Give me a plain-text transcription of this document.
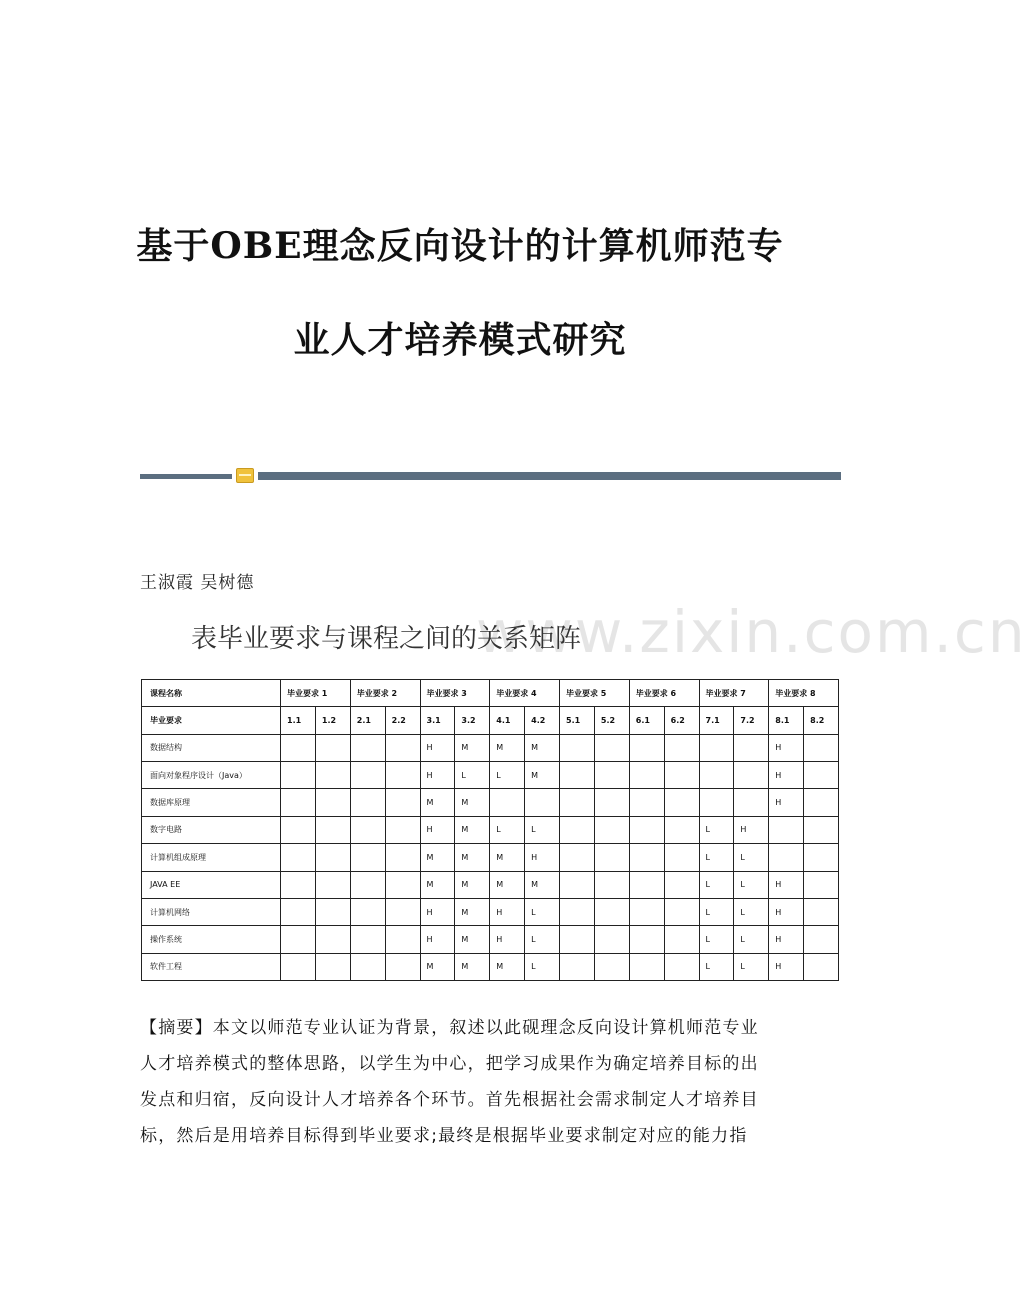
基于OBE理念反向设计的计算机师范专
业人才培养模式研究
王淑霞 吴树德
www.zixin.com.cn
表毕业要求与课程之间的关系矩阵
课程名称	毕业要求 1		毕业要求 2		毕业要求 3		毕业要求 4		毕业要求 5		毕业要求 6		毕业要求 7		毕业要求 8	
毕业要求	1.1	1.2	2.1	2.2	3.1	3.2	4.1	4.2	5.1	5.2	6.1	6.2	7.1	7.2	8.1	8.2
数据结构					H	M	M	M							H	
面向对象程序设计（Java）					H	L	L	M							H	
数据库原理					M	M									H	
数字电路					H	M	L	L					L	H		
计算机组成原理					M	M	M	H					L	L		
JAVA EE					M	M	M	M					L	L	H	
计算机网络					H	M	H	L					L	L	H	
操作系统					H	M	H	L					L	L	H	
软件工程					M	M	M	L					L	L	H	
【摘要】本文以师范专业认证为背景，叙述以此砚理念反向设计算机师范专业
人才培养模式的整体思路，以学生为中心，把学习成果作为确定培养目标的出
发点和归宿，反向设计人才培养各个环节。首先根据社会需求制定人才培养目
标，然后是用培养目标得到毕业要求;最终是根据毕业要求制定对应的能力指
